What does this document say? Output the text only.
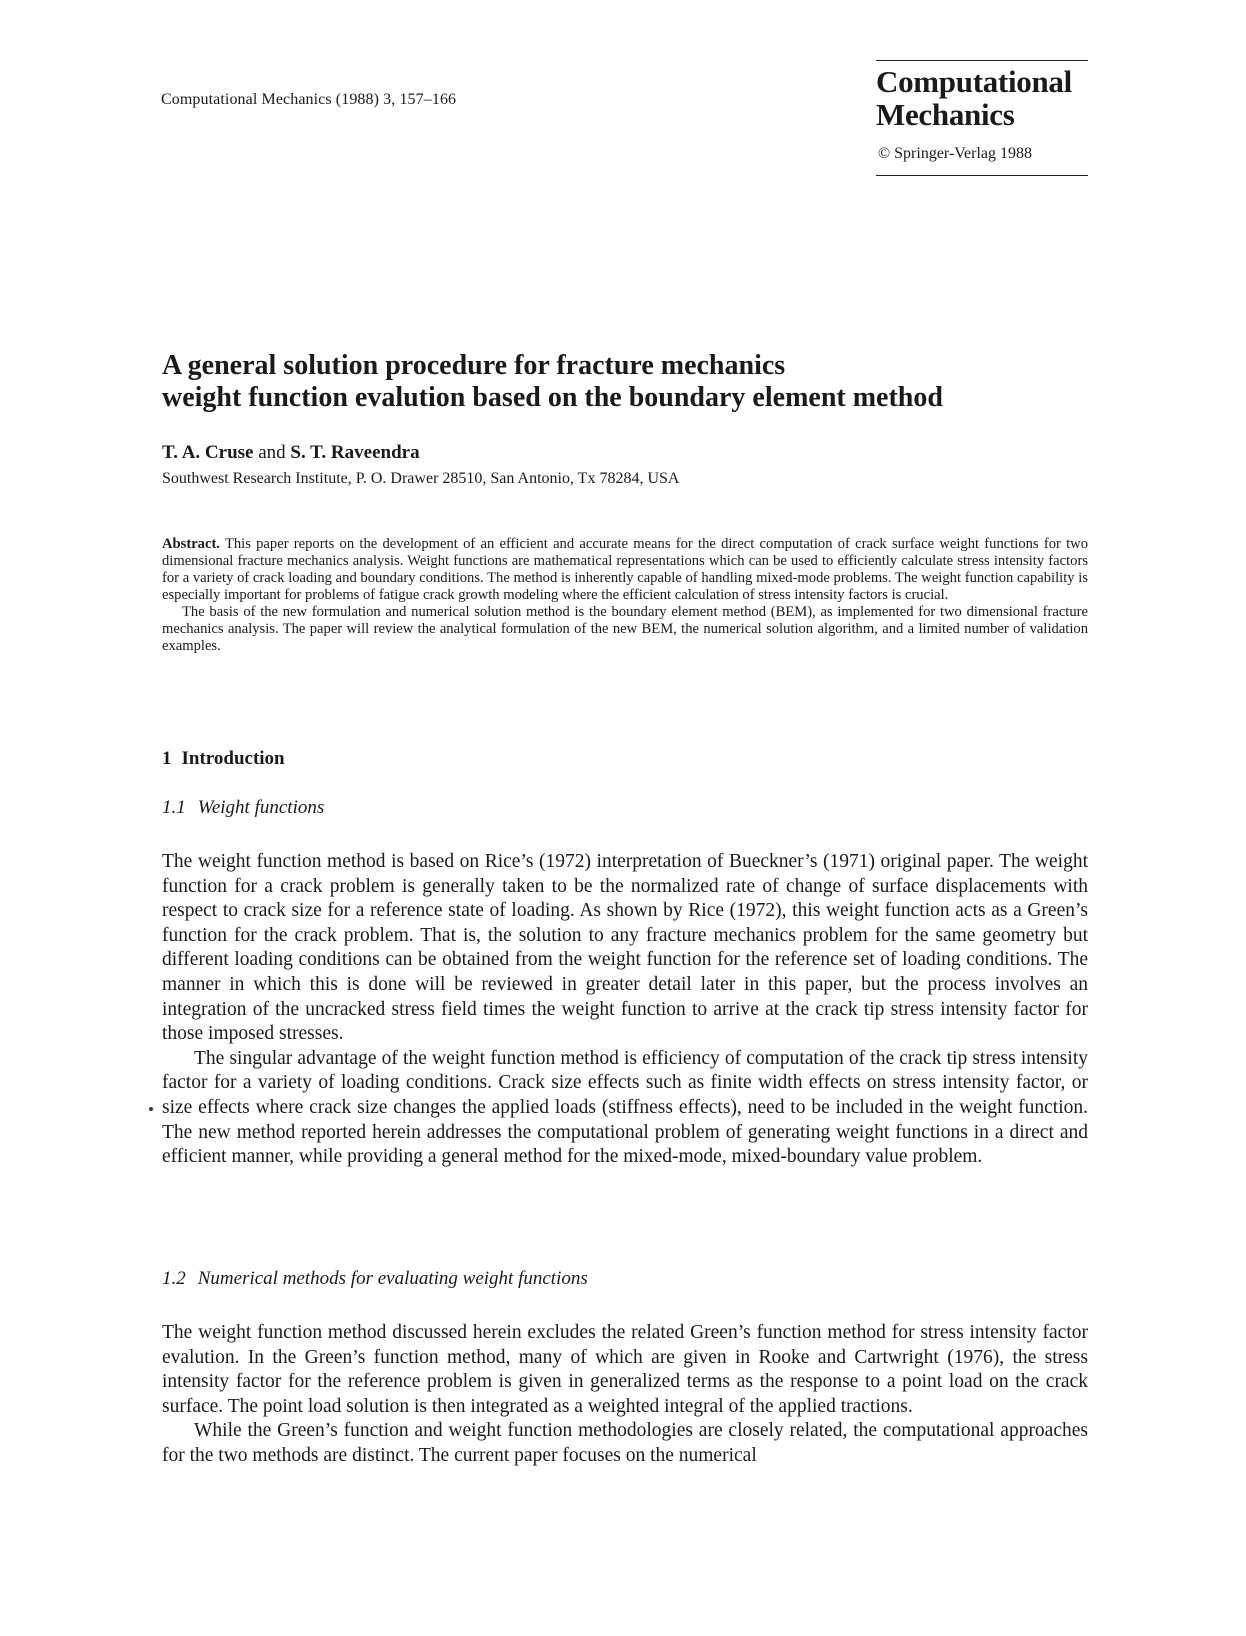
Computational Mechanics (1988) 3, 157–166
Computational
Mechanics
© Springer-Verlag 1988
A general solution procedure for fracture mechanics
weight function evalution based on the boundary element method
T. A. Cruse and S. T. Raveendra
Southwest Research Institute, P. O. Drawer 28510, San Antonio, Tx 78284, USA

Abstract. This paper reports on the development of an efficient and accurate means for the direct computation of crack surface weight functions for two dimensional fracture mechanics analysis. Weight functions are mathematical representations which can be used to efficiently calculate stress intensity factors for a variety of crack loading and boundary conditions. The method is inherently capable of handling mixed-mode problems. The weight function capability is especially important for problems of fatigue crack growth modeling where the efficient calculation of stress intensity factors is crucial.

The basis of the new formulation and numerical solution method is the boundary element method (BEM), as implemented for two dimensional fracture mechanics analysis. The paper will review the analytical formulation of the new BEM, the numerical solution algorithm, and a limited number of validation examples.

1 Introduction
1.1 Weight functions

The weight function method is based on Rice’s (1972) interpretation of Bueckner’s (1971) original paper. The weight function for a crack problem is generally taken to be the normalized rate of change of surface displacements with respect to crack size for a reference state of loading. As shown by Rice (1972), this weight function acts as a Green’s function for the crack problem. That is, the solution to any fracture mechanics problem for the same geometry but different loading conditions can be obtained from the weight function for the reference set of loading conditions. The manner in which this is done will be reviewed in greater detail later in this paper, but the process involves an integration of the uncracked stress field times the weight function to arrive at the crack tip stress intensity factor for those imposed stresses.

The singular advantage of the weight function method is efficiency of computation of the crack tip stress intensity factor for a variety of loading conditions. Crack size effects such as finite width effects on stress intensity factor, or size effects where crack size changes the applied loads (stiffness effects), need to be included in the weight function. The new method reported herein addresses the computational problem of generating weight functions in a direct and efficient manner, while providing a general method for the mixed-mode, mixed-boundary value problem.

1.2 Numerical methods for evaluating weight functions

The weight function method discussed herein excludes the related Green’s function method for stress intensity factor evalution. In the Green’s function method, many of which are given in Rooke and Cartwright (1976), the stress intensity factor for the reference problem is given in generalized terms as the response to a point load on the crack surface. The point load solution is then integrated as a weighted integral of the applied tractions.

While the Green’s function and weight function methodologies are closely related, the computational approaches for the two methods are distinct. The current paper focuses on the numerical
